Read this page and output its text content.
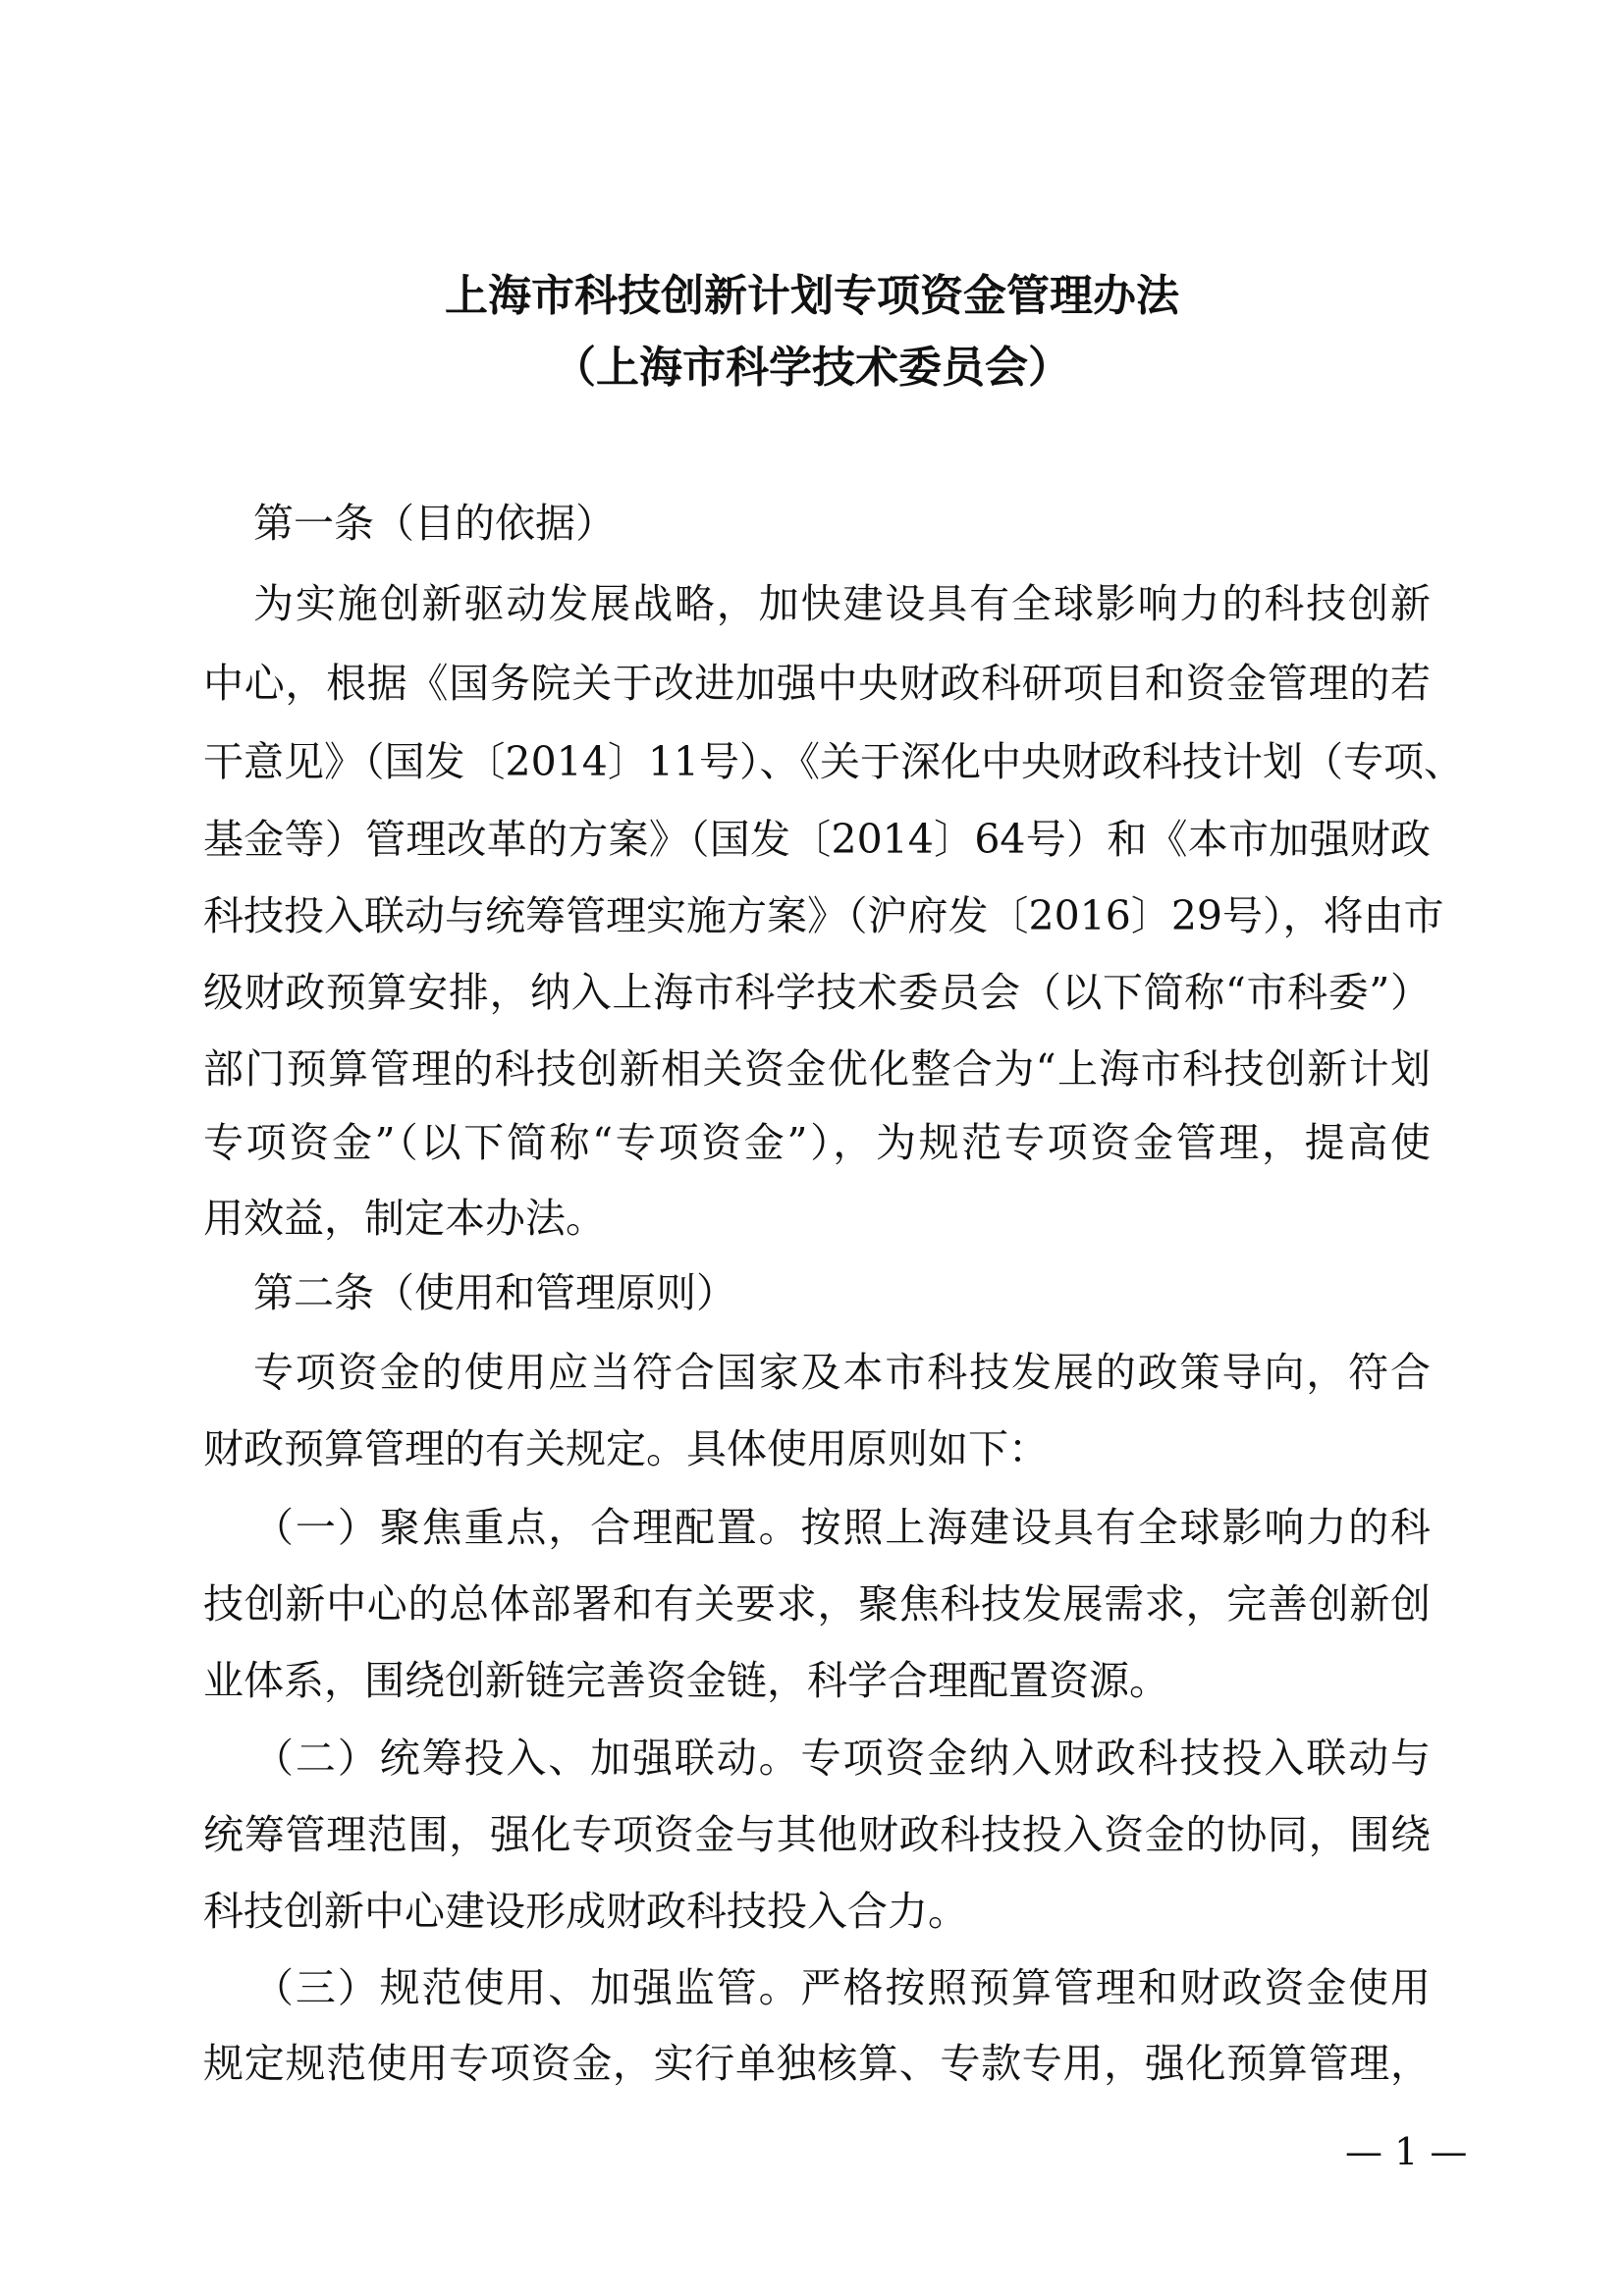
上海市科技创新计划专项资金管理办法
（上海市科学技术委员会）
第一条（目的依据）
为实施创新驱动发展战略，加快建设具有全球影响力的科技创新
中心，根据《国务院关于改进加强中央财政科研项目和资金管理的若
干意见》（国发〔2014〕11号）、《关于深化中央财政科技计划（专项、
基金等）管理改革的方案》（国发〔2014〕64号）和《本市加强财政
科技投入联动与统筹管理实施方案》（沪府发〔2016〕29号），将由市
级财政预算安排，纳入上海市科学技术委员会（以下简称“市科委”）
部门预算管理的科技创新相关资金优化整合为“上海市科技创新计划
专项资金”（以下简称“专项资金”），为规范专项资金管理，提高使
用效益，制定本办法。
第二条（使用和管理原则）
专项资金的使用应当符合国家及本市科技发展的政策导向，符合
财政预算管理的有关规定。具体使用原则如下：
（一）聚焦重点，合理配置。按照上海建设具有全球影响力的科
技创新中心的总体部署和有关要求，聚焦科技发展需求，完善创新创
业体系，围绕创新链完善资金链，科学合理配置资源。
（二）统筹投入、加强联动。专项资金纳入财政科技投入联动与
统筹管理范围，强化专项资金与其他财政科技投入资金的协同，围绕
科技创新中心建设形成财政科技投入合力。
（三）规范使用、加强监管。严格按照预算管理和财政资金使用
规定规范使用专项资金，实行单独核算、专款专用，强化预算管理，
— 1 —
